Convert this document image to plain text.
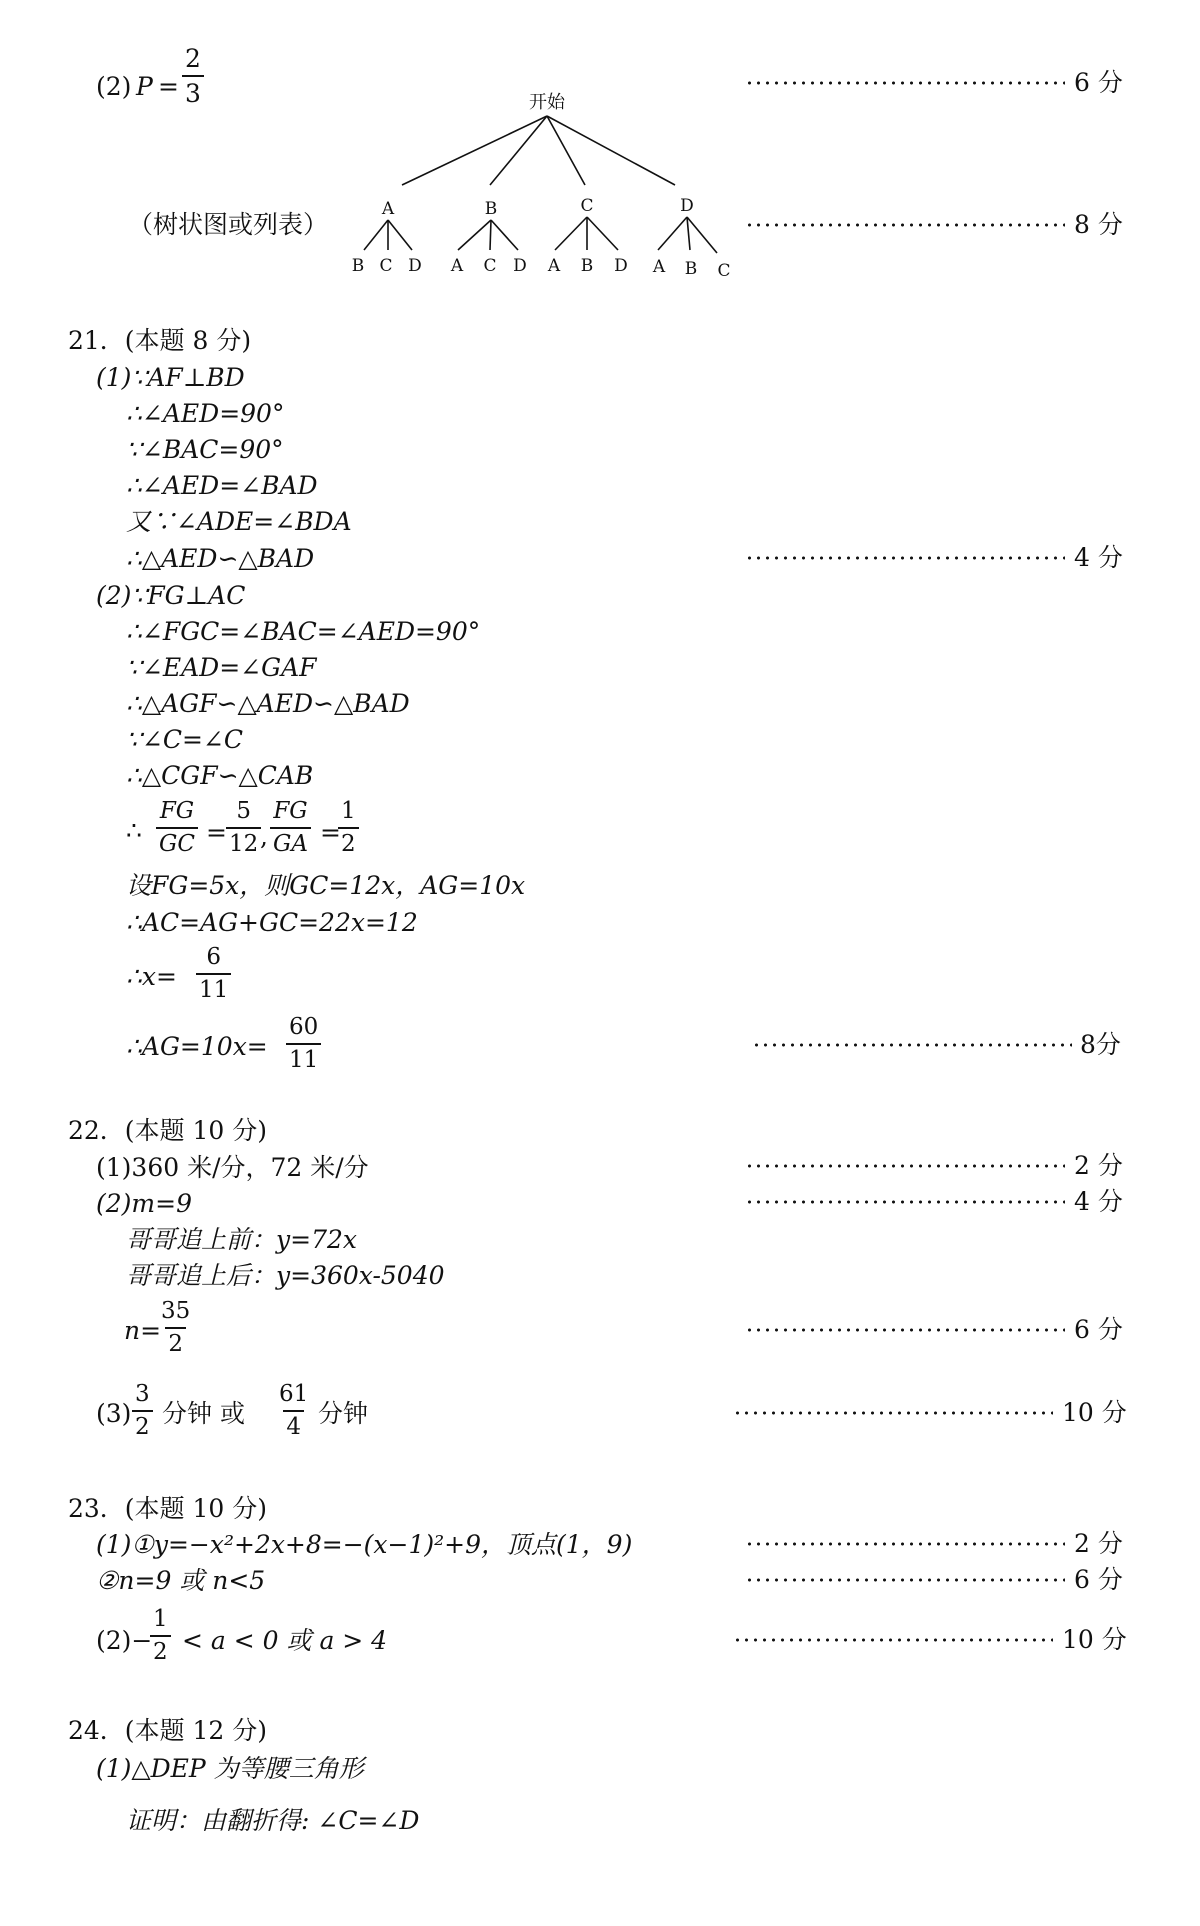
(2) $P = \frac{2}{3}$	6 分
开始
A	B	C	D
B C D A C D A B D A B C
（树状图或列表）	8 分
21．(本题 8 分)
(1)∵AF⊥BD
∴∠AED=90°
∵∠BAC=90°
∴∠AED=∠BAD
又∵∠ADE=∠BDA
∴△AED∽△BAD	4 分
(2)∵FG⊥AC
∴∠FGC=∠BAC=∠AED=90°
∵∠EAD=∠GAF
∴△AGF∽△AED∽△BAD
∵∠C=∠C
∴△CGF∽△CAB
∴ $\frac{FG}{GC} = \frac{5}{12}$
, $\frac{FG}{GA}$ =
$\frac{1}{2}$
设FG=5x，则GC=12x，AG=10x
∴AC=AG+GC=22x=12
∴x= $\frac{6}{11}$
∴AG=10x= $\frac{60}{11}$	8分
22．(本题 10 分)
(1)360 米/分，72 米/分	2 分
(2)m=9	4 分
哥哥追上前：y=72x
哥哥追上后：y=360x-5040
n=
$\frac{35}{2}$	6 分
$(3) \frac{3}{2}$ 分钟 或 $\frac{61}{4}$ 分钟	10 分
23．(本题 10 分)
(1)①y=−x²+2x+8=−(x−1)²+9，顶点(1，9)	2 分
②n=9 或 n<5	6 分
(2)−
$\frac{1}{2} < a < 0$ 或 a > 4	10 分
24．(本题 12 分)
(1)△DEP 为等腰三角形
证明：由翻折得: ∠C=∠D
